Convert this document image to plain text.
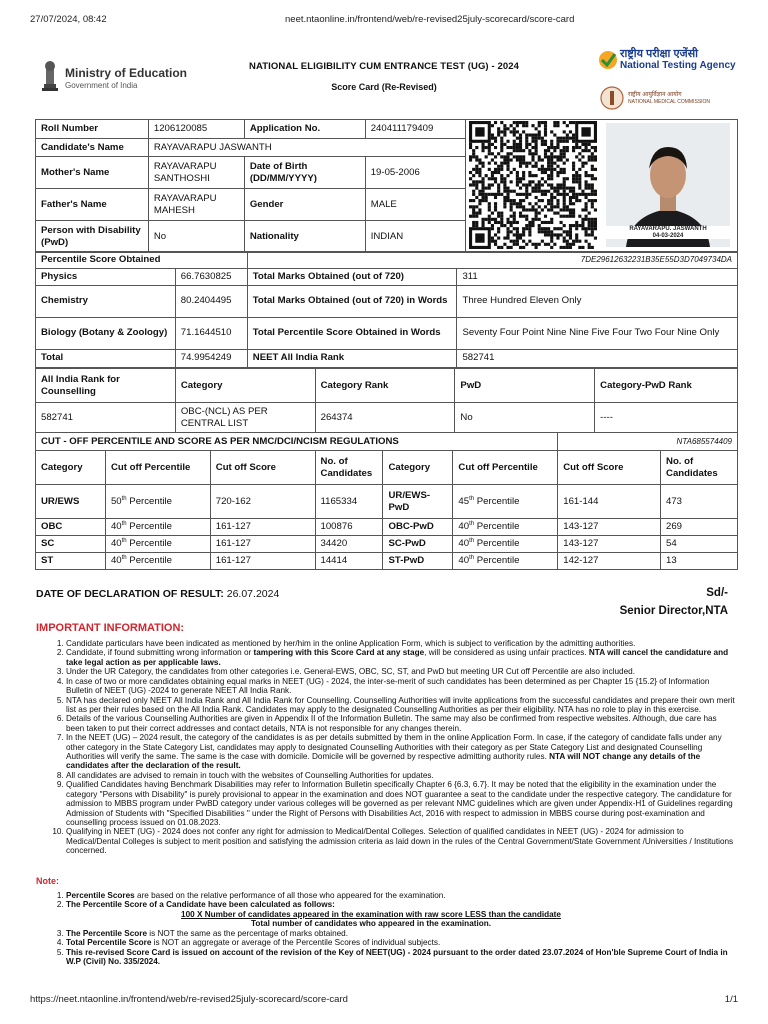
27/07/2024, 08:42	neet.ntaonline.in/frontend/web/re-revised25july-scorecard/score-card
Ministry of Education
Government of India
NATIONAL ELIGIBILITY CUM ENTRANCE TEST (UG) - 2024
Score Card (Re-Revised)
राष्ट्रीय परीक्षा एजेंसी
National Testing Agency
राष्ट्रीय आयुर्विज्ञान आयोग
NATIONAL MEDICAL COMMISSION
Roll Number	1206120085	Application No.	240411179409	
Candidate's Name	RAYAVARAPU JASWANTH			
Mother's Name	RAYAVARAPU SANTHOSHI	Date of Birth (DD/MM/YYYY)	19-05-2006	
Father's Name	RAYAVARAPU MAHESH	Gender	MALE	
Person with Disability (PwD)	No	Nationality	INDIAN	
RAYAVARAPU. JASWANTH
04-03-2024
Percentile Score Obtained		7DE29612632231B35E55D3D7049734DA	
Physics	66.7630825	Total Marks Obtained (out of 720)	311
Chemistry	80.2404495	Total Marks Obtained (out of 720) in Words	Three Hundred Eleven Only
Biology (Botany & Zoology)	71.1644510	Total Percentile Score Obtained in Words	Seventy Four Point Nine Nine Five Four Two Four Nine Only
Total	74.9954249	NEET All India Rank	582741
All India Rank for Counselling	Category	Category Rank	PwD	Category-PwD Rank
582741	OBC-(NCL) AS PER CENTRAL LIST	264374	No	----
CUT - OFF PERCENTILE AND SCORE AS PER NMC/DCI/NCISM REGULATIONS						NTA685574409	
Category	Cut off Percentile	Cut off Score	No. of Candidates	Category	Cut off Percentile	Cut off Score	No. of Candidates
UR/EWS	50th Percentile	720-162	1165334	UR/EWS-PwD	45th Percentile	161-144	473
OBC	40th Percentile	161-127	100876	OBC-PwD	40th Percentile	143-127	269
SC	40th Percentile	161-127	34420	SC-PwD	40th Percentile	143-127	54
ST	40th Percentile	161-127	14414	ST-PwD	40th Percentile	142-127	13
DATE OF DECLARATION OF RESULT: 26.07.2024	Sd/-
Senior Director,NTA
IMPORTANT INFORMATION:
1. Candidate particulars have been indicated as mentioned by her/him in the online Application Form, which is subject to verification by the admitting authorities.
2. Candidate, if found submitting wrong information or tampering with this Score Card at any stage, will be considered as using unfair practices. NTA will cancel the candidature and take legal action as per applicable laws.
3. Under the UR Category, the candidates from other categories i.e. General-EWS, OBC, SC, ST, and PwD but meeting UR Cut off Percentile are also included.
4. In case of two or more candidates obtaining equal marks in NEET (UG) - 2024, the inter-se-merit of such candidates has been determined as per Chapter 15 {15.2} of Information Bulletin of NEET (UG) -2024 to generate NEET All India Rank.
5. NTA has declared only NEET All India Rank and All India Rank for Counselling. Counselling Authorities will invite applications from the successful candidates and prepare their own merit list as per their rules based on the All India Rank. Candidates may apply to the designated Counselling Authorities as per their eligibility. NTA has no role to play in this exercise.
6. Details of the various Counselling Authorities are given in Appendix II of the Information Bulletin. The same may also be confirmed from respective websites. Although, due care has been taken to put their correct addresses and contact details, NTA is not responsible for any changes therein.
7. In the NEET (UG) – 2024 result, the category of the candidates is as per details submitted by them in the online Application Form. In case, if the category of candidate falls under any other category in the State Category List, candidates may apply to designated Counselling Authorities with their category as per State Category List and designated Counselling Authorities will verify the same. The same is the case with domicile. Domicile will be governed by respective admitting authority rules. NTA will NOT change any details of the candidates after the declaration of the result.
8. All candidates are advised to remain in touch with the websites of Counselling Authorities for updates.
9. Qualified Candidates having Benchmark Disabilities may refer to Information Bulletin specifically Chapter 6 {6.3, 6.7}. It may be noted that the eligibility in the examination under the category "Persons with Disability" is purely provisional to appear in the examination and does NOT guarantee a seat to the candidate under the respective category. The candidature for admission to MBBS program under PwBD category under various colleges will be governed as per relevant NMC guidelines which are given under Appendix-H1 of Guidelines regarding Admission of Students with "Specified Disabilities " under the Right of Persons with Disabilities Act, 2016 with respect to admission in MBBS course during post-examination and counselling process issued on 01.08.2023.
10. Qualifying in NEET (UG) - 2024 does not confer any right for admission to Medical/Dental Colleges. Selection of qualified candidates in NEET (UG) - 2024 for admission to Medical/Dental Colleges is subject to merit position and satisfying the admission criteria as laid down in the rules of the Central Government/State Government /Universities / Institutions concerned.
Note:
1. Percentile Scores are based on the relative performance of all those who appeared for the examination.
2. The Percentile Score of a Candidate have been calculated as follows:
100 X Number of candidates appeared in the examination with raw score LESS than the candidate
Total number of candidates who appeared in the examination.
3. The Percentile Score is NOT the same as the percentage of marks obtained.
4. Total Percentile Score is NOT an aggregate or average of the Percentile Scores of individual subjects.
5. This re-revised Score Card is issued on account of the revision of the Key of NEET(UG) - 2024 pursuant to the order dated 23.07.2024 of Hon'ble Supreme Court of India in W.P (Civil) No. 335/2024.
https://neet.ntaonline.in/frontend/web/re-revised25july-scorecard/score-card	1/1
